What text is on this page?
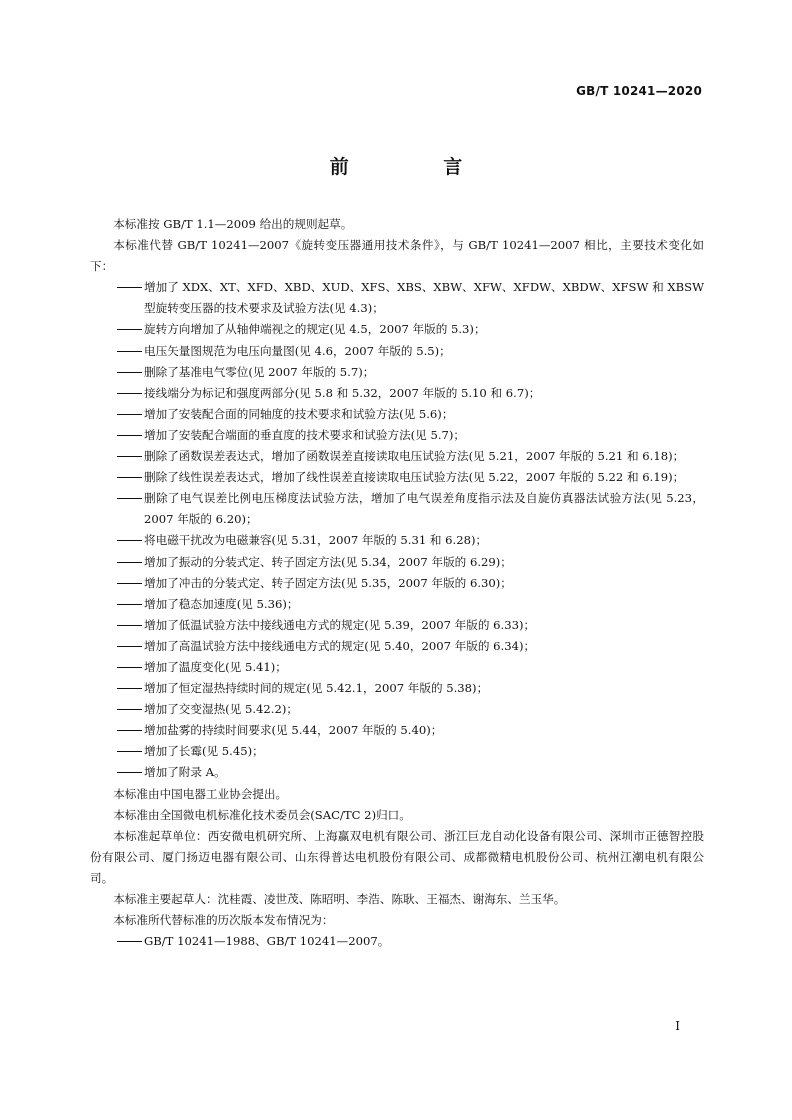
GB/T 10241—2020
前 言

本标准按 GB/T 1.1—2009 给出的规则起草。

本标准代替 GB/T 10241—2007《旋转变压器通用技术条件》，与 GB/T 10241—2007 相比，主要技术变化如下：

增加了 XDX、XT、XFD、XBD、XUD、XFS、XBS、XBW、XFW、XFDW、XBDW、XFSW 和 XBSW 型旋转变压器的技术要求及试验方法(见 4.3)；
旋转方向增加了从轴伸端视之的规定(见 4.5，2007 年版的 5.3)；
电压矢量图规范为电压向量图(见 4.6，2007 年版的 5.5)；
删除了基准电气零位(见 2007 年版的 5.7)；
接线端分为标记和强度两部分(见 5.8 和 5.32，2007 年版的 5.10 和 6.7)；
增加了安装配合面的同轴度的技术要求和试验方法(见 5.6)；
增加了安装配合端面的垂直度的技术要求和试验方法(见 5.7)；
删除了函数误差表达式，增加了函数误差直接读取电压试验方法(见 5.21，2007 年版的 5.21 和 6.18)；
删除了线性误差表达式，增加了线性误差直接读取电压试验方法(见 5.22，2007 年版的 5.22 和 6.19)；
删除了电气误差比例电压梯度法试验方法，增加了电气误差角度指示法及自旋仿真器法试验方法(见 5.23，2007 年版的 6.20)；
将电磁干扰改为电磁兼容(见 5.31，2007 年版的 5.31 和 6.28)；
增加了振动的分装式定、转子固定方法(见 5.34，2007 年版的 6.29)；
增加了冲击的分装式定、转子固定方法(见 5.35，2007 年版的 6.30)；
增加了稳态加速度(见 5.36)；
增加了低温试验方法中接线通电方式的规定(见 5.39，2007 年版的 6.33)；
增加了高温试验方法中接线通电方式的规定(见 5.40，2007 年版的 6.34)；
增加了温度变化(见 5.41)；
增加了恒定湿热持续时间的规定(见 5.42.1，2007 年版的 5.38)；
增加了交变湿热(见 5.42.2)；
增加盐雾的持续时间要求(见 5.44，2007 年版的 5.40)；
增加了长霉(见 5.45)；
增加了附录 A。

本标准由中国电器工业协会提出。

本标准由全国微电机标准化技术委员会(SAC/TC 2)归口。

本标准起草单位：西安微电机研究所、上海赢双电机有限公司、浙江巨龙自动化设备有限公司、深圳市正德智控股份有限公司、厦门扬迈电器有限公司、山东得普达电机股份有限公司、成都微精电机股份公司、杭州江潮电机有限公司。

本标准主要起草人：沈桂霞、凌世茂、陈昭明、李浩、陈耿、王福杰、谢海东、兰玉华。

本标准所代替标准的历次版本发布情况为：

GB/T 10241—1988、GB/T 10241—2007。
I
